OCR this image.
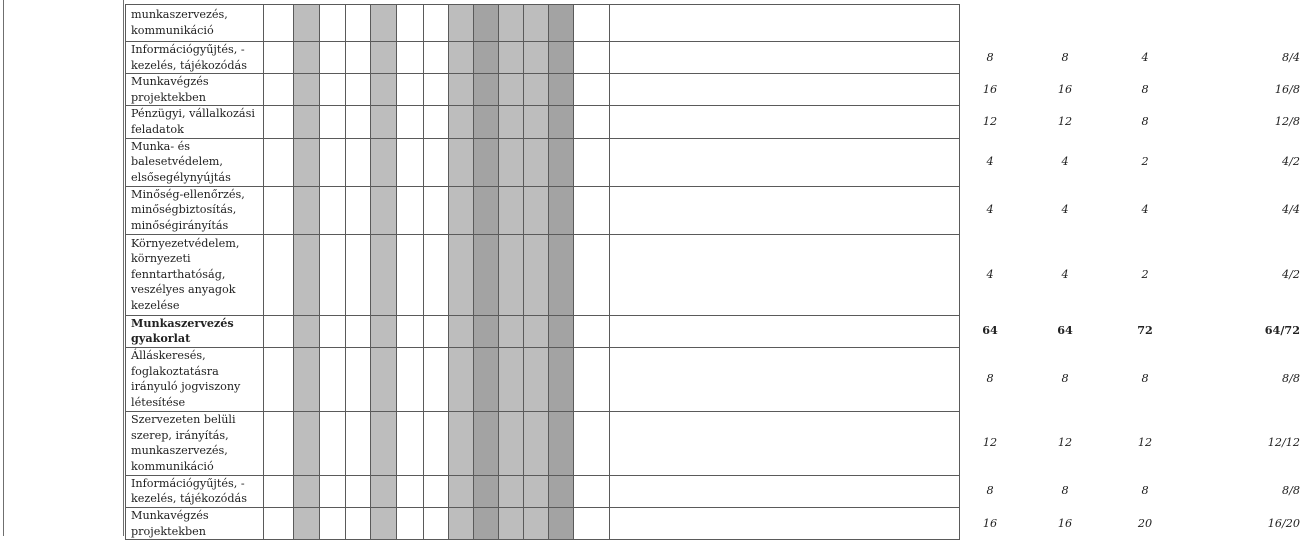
munkaszervezés, kommunikáció															

Információgyűjtés, -kezelés, tájékozódás															8 8 4 8/4

Munkavégzés projektekben															16 16 8 16/8

Pénzügyi, vállalkozási feladatok															12 12 8 12/8

Munka- és balesetvédelem, elsősegélynyújtás															4 4 2 4/2

Minőség-ellenőrzés, minőségbiztosítás, minőségirányítás															4 4 4 4/4

Környezetvédelem, környezeti fenntarthatóság, veszélyes anyagok kezelése															4 4 2 4/2

Munkaszervezés gyakorlat															64 64 72 64/72

Álláskeresés, foglakoztatásra irányuló jogviszony létesítése															8 8 8 8/8

Szervezeten belüli szerep, irányítás, munkaszervezés, kommunikáció															12 12 12 12/12

Információgyűjtés, -kezelés, tájékozódás															8 8 8 8/8

Munkavégzés projektekben															16 16 20 16/20
